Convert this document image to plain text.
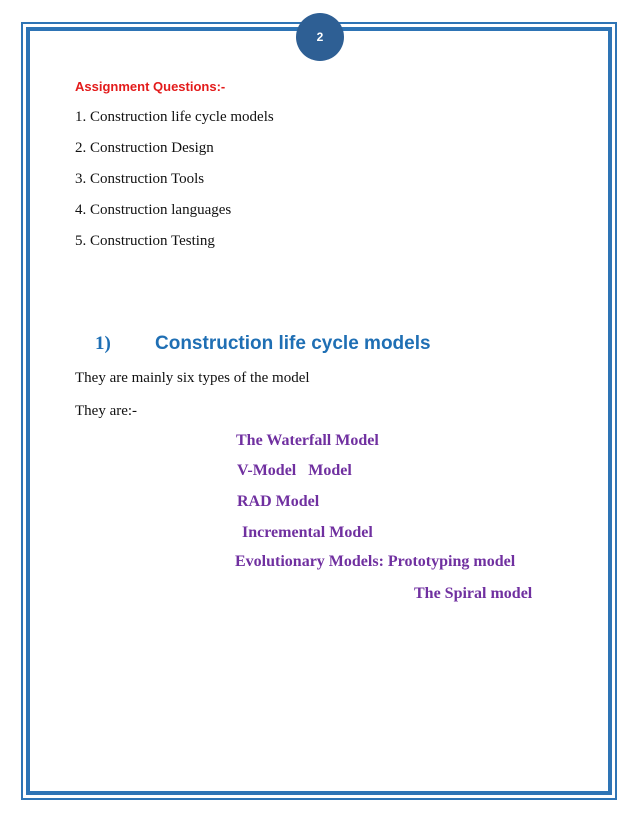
2
Assignment Questions:-
1. Construction life cycle models
2. Construction Design
3. Construction Tools
4. Construction languages
5. Construction Testing
1) Construction life cycle models
They are mainly six types of the model
They are:-
The Waterfall Model
V-Model   Model
RAD Model
Incremental Model
Evolutionary Models: Prototyping model
The Spiral model
